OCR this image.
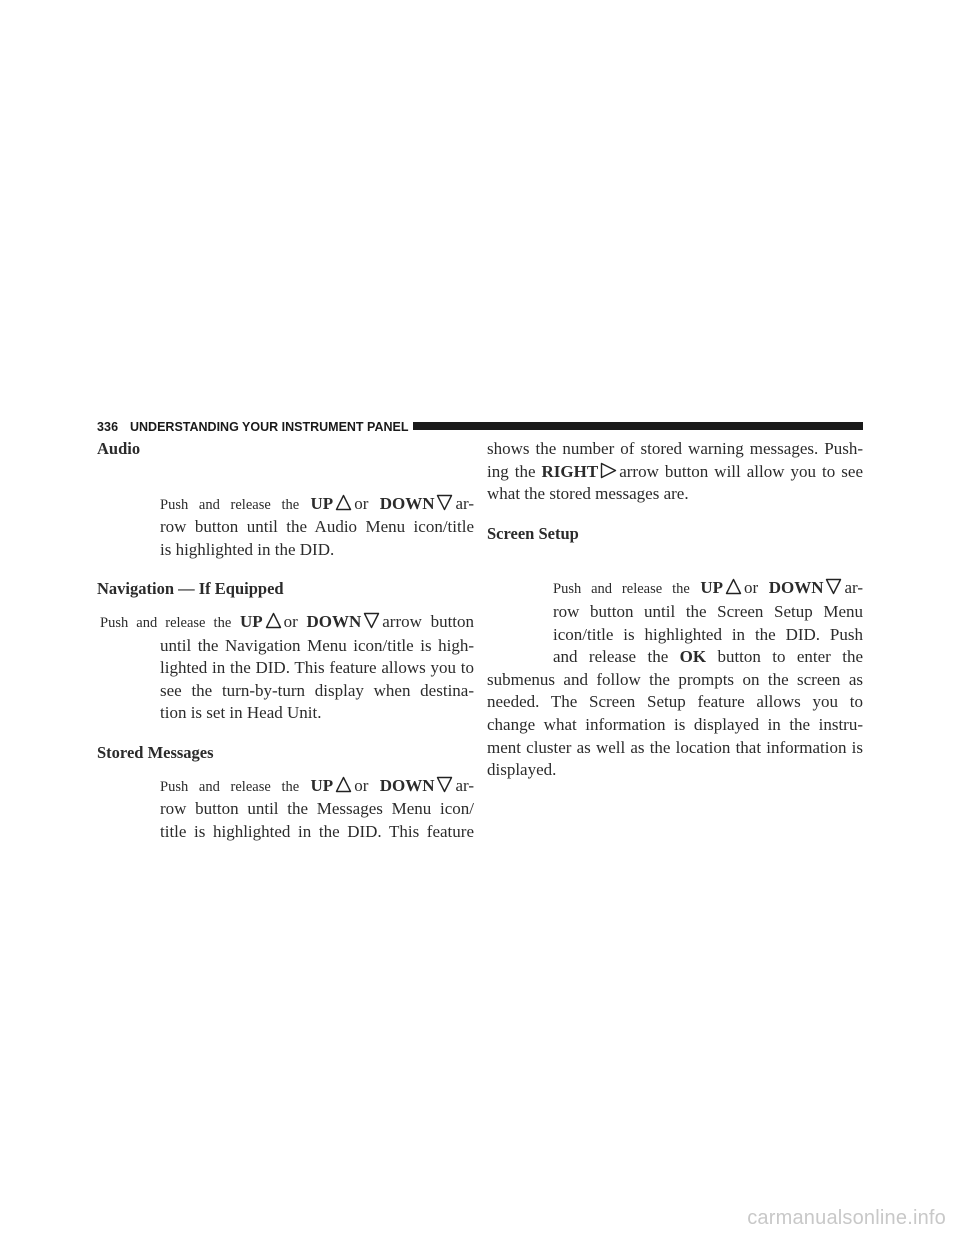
336 UNDERSTANDING YOUR INSTRUMENT PANEL
Audio
Push and release the UP or DOWN ar-
row button until the Audio Menu icon/title
is highlighted in the DID.
Navigation — If Equipped
Push and release the UP or DOWN arrow button
until the Navigation Menu icon/title is high-
lighted in the DID. This feature allows you to
see the turn-by-turn display when destina-
tion is set in Head Unit.
Stored Messages
Push and release the UP or DOWN ar-
row button until the Messages Menu icon/
title is highlighted in the DID. This feature
shows the number of stored warning messages. Push-
ing the RIGHT arrow button will allow you to see
what the stored messages are.
Screen Setup
Push and release the UP or DOWN ar-
row button until the Screen Setup Menu
icon/title is highlighted in the DID. Push
and release the OK button to enter the
submenus and follow the prompts on the screen as
needed. The Screen Setup feature allows you to
change what information is displayed in the instru-
ment cluster as well as the location that information is
displayed.
carmanualsonline.info
